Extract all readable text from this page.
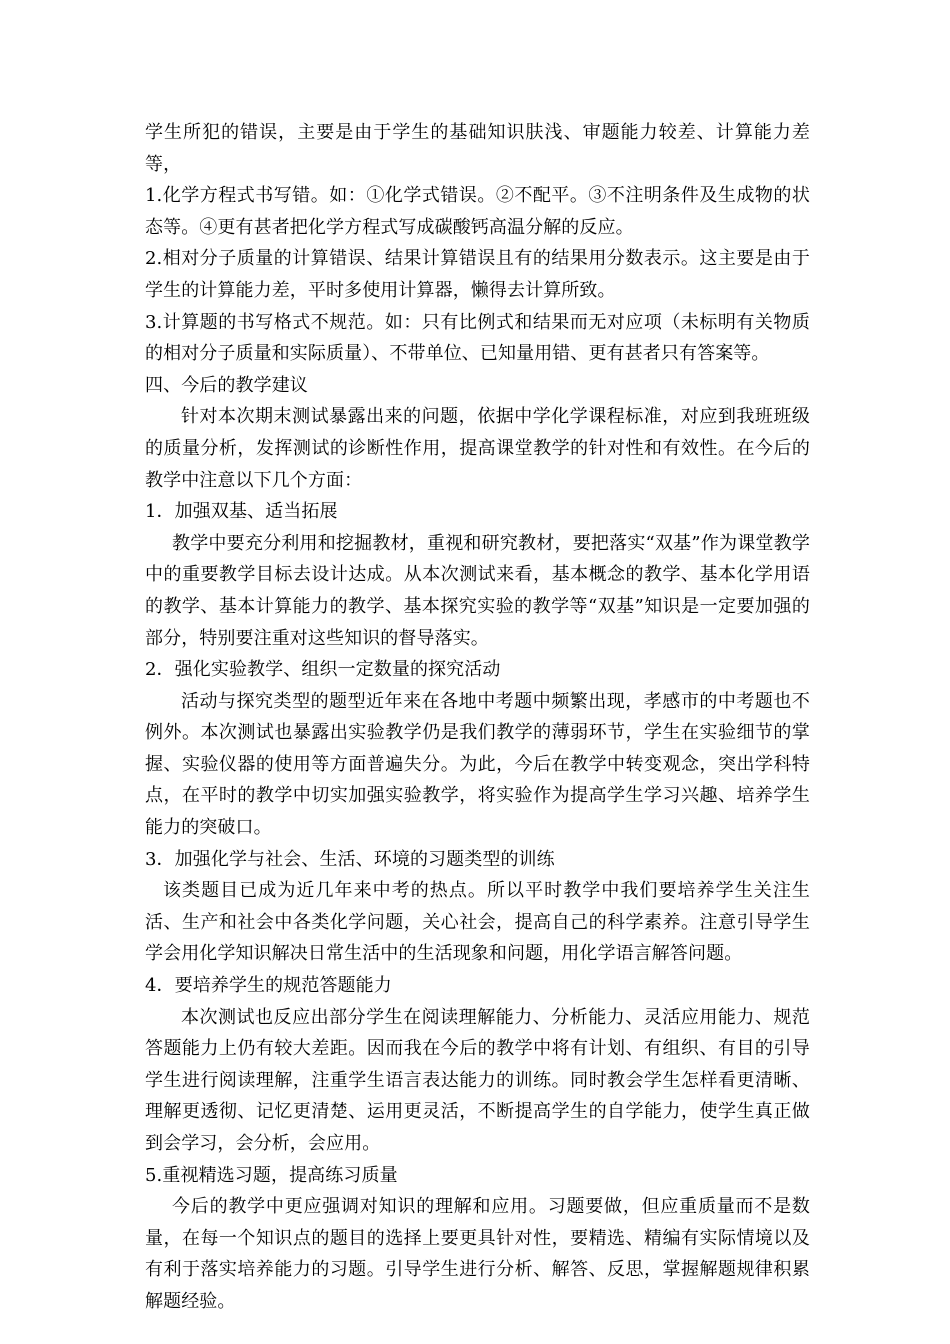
学生所犯的错误，主要是由于学生的基础知识肤浅、审题能力较差、计算能力差等，

1.化学方程式书写错。如：①化学式错误。②不配平。③不注明条件及生成物的状态等。④更有甚者把化学方程式写成碳酸钙高温分解的反应。

2.相对分子质量的计算错误、结果计算错误且有的结果用分数表示。这主要是由于学生的计算能力差，平时多使用计算器，懒得去计算所致。

3.计算题的书写格式不规范。如：只有比例式和结果而无对应项（未标明有关物质的相对分子质量和实际质量）、不带单位、已知量用错、更有甚者只有答案等。

四、今后的教学建议

针对本次期末测试暴露出来的问题，依据中学化学课程标准，对应到我班班级的质量分析，发挥测试的诊断性作用，提高课堂教学的针对性和有效性。在今后的教学中注意以下几个方面：

1．加强双基、适当拓展

教学中要充分利用和挖掘教材，重视和研究教材，要把落实“双基”作为课堂教学中的重要教学目标去设计达成。从本次测试来看，基本概念的教学、基本化学用语的教学、基本计算能力的教学、基本探究实验的教学等“双基”知识是一定要加强的部分，特别要注重对这些知识的督导落实。

2．强化实验教学、组织一定数量的探究活动

活动与探究类型的题型近年来在各地中考题中频繁出现，孝感市的中考题也不例外。本次测试也暴露出实验教学仍是我们教学的薄弱环节，学生在实验细节的掌握、实验仪器的使用等方面普遍失分。为此，今后在教学中转变观念，突出学科特点，在平时的教学中切实加强实验教学，将实验作为提高学生学习兴趣、培养学生能力的突破口。

3．加强化学与社会、生活、环境的习题类型的训练

该类题目已成为近几年来中考的热点。所以平时教学中我们要培养学生关注生活、生产和社会中各类化学问题，关心社会，提高自己的科学素养。注意引导学生学会用化学知识解决日常生活中的生活现象和问题，用化学语言解答问题。

4．要培养学生的规范答题能力

本次测试也反应出部分学生在阅读理解能力、分析能力、灵活应用能力、规范答题能力上仍有较大差距。因而我在今后的教学中将有计划、有组织、有目的引导学生进行阅读理解，注重学生语言表达能力的训练。同时教会学生怎样看更清晰、理解更透彻、记忆更清楚、运用更灵活，不断提高学生的自学能力，使学生真正做到会学习，会分析，会应用。

5.重视精选习题，提高练习质量

今后的教学中更应强调对知识的理解和应用。习题要做，但应重质量而不是数量，在每一个知识点的题目的选择上要更具针对性，要精选、精编有实际情境以及有利于落实培养能力的习题。引导学生进行分析、解答、反思，掌握解题规律积累解题经验。
